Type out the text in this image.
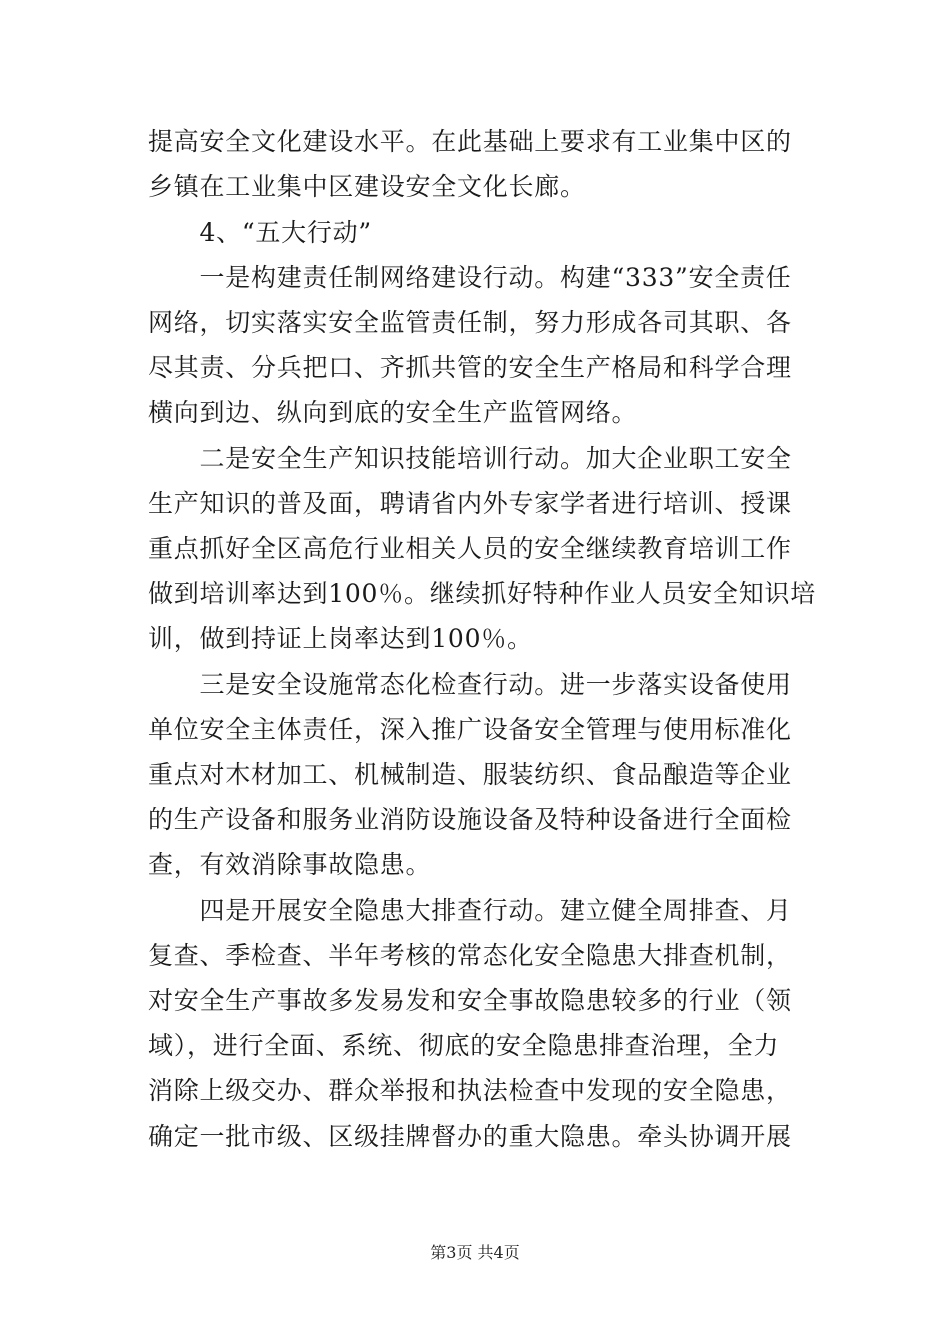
提高安全文化建设水平。在此基础上要求有工业集中区的
乡镇在工业集中区建设安全文化长廊。
　　4、“五大行动”
　　一是构建责任制网络建设行动。构建“333”安全责任
网络，切实落实安全监管责任制，努力形成各司其职、各
尽其责、分兵把口、齐抓共管的安全生产格局和科学合理
横向到边、纵向到底的安全生产监管网络。
　　二是安全生产知识技能培训行动。加大企业职工安全
生产知识的普及面，聘请省内外专家学者进行培训、授课
重点抓好全区高危行业相关人员的安全继续教育培训工作
做到培训率达到100％。继续抓好特种作业人员安全知识培
训，做到持证上岗率达到100％。
　　三是安全设施常态化检查行动。进一步落实设备使用
单位安全主体责任，深入推广设备安全管理与使用标准化
重点对木材加工、机械制造、服装纺织、食品酿造等企业
的生产设备和服务业消防设施设备及特种设备进行全面检
查，有效消除事故隐患。
　　四是开展安全隐患大排查行动。建立健全周排查、月
复查、季检查、半年考核的常态化安全隐患大排查机制，
对安全生产事故多发易发和安全事故隐患较多的行业（领
域），进行全面、系统、彻底的安全隐患排查治理，全力
消除上级交办、群众举报和执法检查中发现的安全隐患，
确定一批市级、区级挂牌督办的重大隐患。牵头协调开展
第3页 共4页
